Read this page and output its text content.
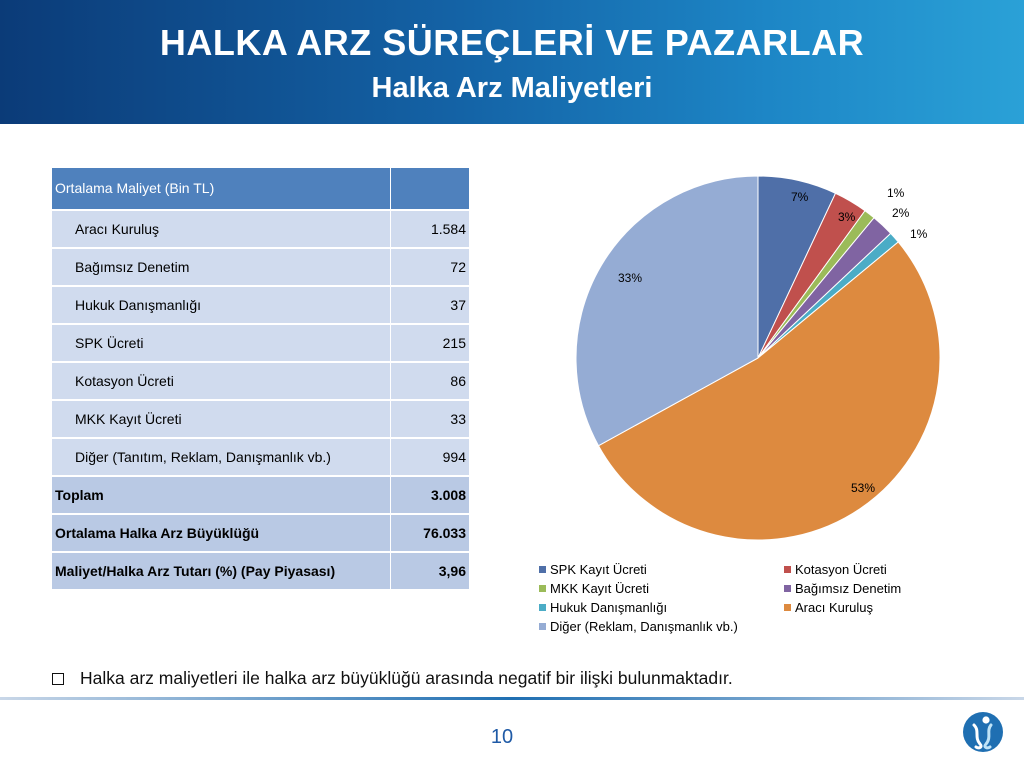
HALKA ARZ SÜREÇLERİ VE PAZARLAR
Halka Arz Maliyetleri
Ortalama Maliyet (Bin TL)	
Aracı Kuruluş	1.584
Bağımsız Denetim	72
Hukuk Danışmanlığı	37
SPK Ücreti	215
Kotasyon Ücreti	86
MKK Kayıt Ücreti	33
Diğer (Tanıtım, Reklam, Danışmanlık vb.)	994
Toplam	3.008
Ortalama Halka Arz Büyüklüğü	76.033
Maliyet/Halka Arz Tutarı (%) (Pay Piyasası)	3,96
7%
3%
1%
2%
1%
53%
33%
SPK Kayıt Ücreti	Kotasyon Ücreti
MKK Kayıt Ücreti	Bağımsız Denetim
Hukuk Danışmanlığı	Aracı Kuruluş
Diğer (Reklam, Danışmanlık vb.)
Halka arz maliyetleri ile halka arz büyüklüğü arasında negatif bir ilişki bulunmaktadır.
10
